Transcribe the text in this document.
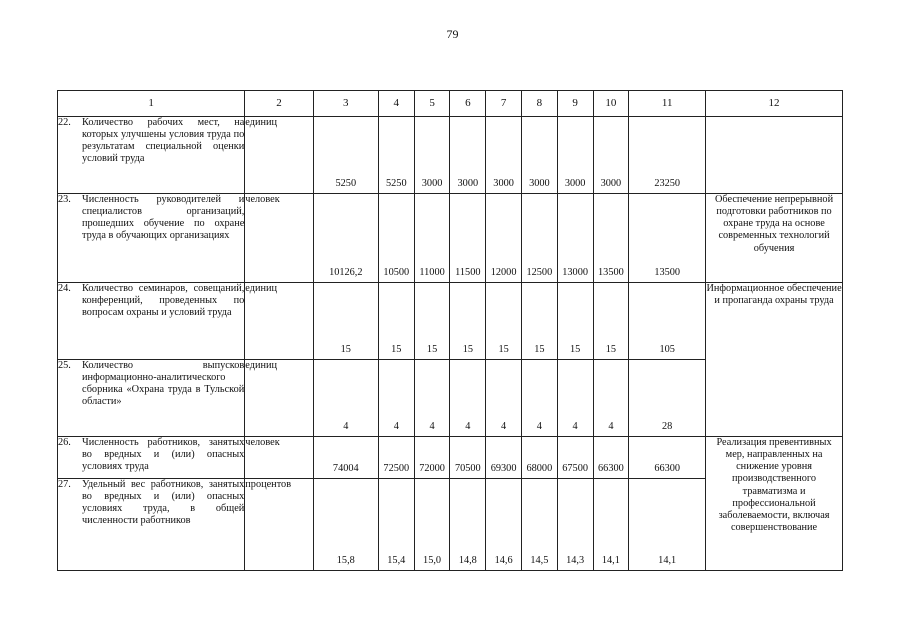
79
1	2	3	4	5	6	7	8	9	10	11	12

22. Количество рабочих мест, на которых улучшены условия труда по результатам специальной оценки условий труда	единиц	5250	5250	3000	3000	3000	3000	3000	3000	23250	

23. Численность руководителей и специалистов организаций, прошедших обучение по охране труда в обучающих организациях	человек	10126,2	10500	11000	11500	12000	12500	13000	13500	13500	Обеспечение непрерывной подготовки работников по охране труда на основе современных технологий обучения

24. Количество семинаров, совещаний, конференций, проведенных по вопросам охраны и условий труда	единиц	15	15	15	15	15	15	15	15	105	Информационное обеспечение и пропаганда охраны труда

25. Количество выпусков информационно-аналитического сборника «Охрана труда в Тульской области»	единиц	4	4	4	4	4	4	4	4	28	

26. Численность работников, занятых во вредных и (или) опасных условиях труда	человек	74004	72500	72000	70500	69300	68000	67500	66300	66300	Реализация превентивных мер, направленных на снижение уровня производственного травматизма и профессиональной заболеваемости, включая совершенствование

27. Удельный вес работников, занятых во вредных и (или) опасных условиях труда, в общей численности работников	процентов	15,8	15,4	15,0	14,8	14,6	14,5	14,3	14,1	14,1	
